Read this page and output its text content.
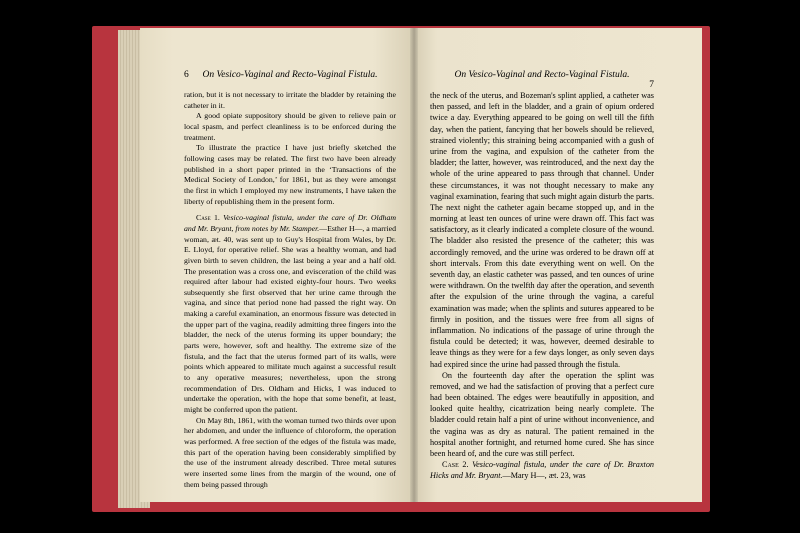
6	On Vesico-Vaginal and Recto-Vaginal Fistula.

ration, but it is not necessary to irritate the bladder by retaining the catheter in it.

A good opiate suppository should be given to relieve pain or local spasm, and perfect cleanliness is to be enforced during the treatment.

To illustrate the practice I have just briefly sketched the following cases may be related. The first two have been already published in a short paper printed in the ‘Transactions of the Medical Society of London,’ for 1861, but as they were amongst the first in which I employed my new instruments, I have taken the liberty of republishing them in the present form.

Case 1. Vesico-vaginal fistula, under the care of Dr. Oldham and Mr. Bryant, from notes by Mr. Stamper.—Esther H—, a married woman, æt. 40, was sent up to Guy's Hospital from Wales, by Dr. E. Lloyd, for operative relief. She was a healthy woman, and had given birth to seven children, the last being a year and a half old. The presentation was a cross one, and evisceration of the child was required after labour had existed eighty-four hours. Two weeks subsequently she first observed that her urine came through the vagina, and since that period none had passed the right way. On making a careful examination, an enormous fissure was detected in the upper part of the vagina, readily admitting three fingers into the bladder, the neck of the uterus forming its upper boundary; the parts were, however, soft and healthy. The extreme size of the fistula, and the fact that the uterus formed part of its walls, were points which appeared to militate much against a successful result to any operative measures; nevertheless, upon the strong recommendation of Drs. Oldham and Hicks, I was induced to undertake the operation, with the hope that some benefit, at least, might be conferred upon the patient.

On May 8th, 1861, with the woman turned two thirds over upon her abdomen, and under the influence of chloroform, the operation was performed. A free section of the edges of the fistula was made, this part of the operation having been considerably simplified by the use of the instrument already described. Three metal sutures were inserted some lines from the margin of the wound, one of them being passed through

On Vesico-Vaginal and Recto-Vaginal Fistula.
7

the neck of the uterus, and Bozeman's splint applied, a catheter was then passed, and left in the bladder, and a grain of opium ordered twice a day. Everything appeared to be going on well till the fifth day, when the patient, fancying that her bowels should be relieved, strained violently; this straining being accompanied with a gush of urine from the vagina, and expulsion of the catheter from the bladder; the latter, however, was reintroduced, and the next day the whole of the urine appeared to pass through that channel. Under these circumstances, it was not thought necessary to make any vaginal examination, fearing that such might again disturb the parts. The next night the catheter again became stopped up, and in the morning at least ten ounces of urine were drawn off. This fact was satisfactory, as it clearly indicated a complete closure of the wound. The bladder also resisted the presence of the catheter; this was accordingly removed, and the urine was ordered to be drawn off at short intervals. From this date everything went on well. On the seventh day, an elastic catheter was passed, and ten ounces of urine were withdrawn. On the twelfth day after the operation, and seventh after the expulsion of the urine through the vagina, a careful examination was made; when the splints and sutures appeared to be firmly in position, and the tissues were free from all signs of inflammation. No indications of the passage of urine through the fistula could be detected; it was, however, deemed desirable to leave things as they were for a few days longer, as only seven days had expired since the urine had passed through the fistula.

On the fourteenth day after the operation the splint was removed, and we had the satisfaction of proving that a perfect cure had been obtained. The edges were beautifully in apposition, and looked quite healthy, cicatrization being nearly complete. The bladder could retain half a pint of urine without inconvenience, and the vagina was as dry as natural. The patient remained in the hospital another fortnight, and returned home cured. She has since been heard of, and the cure was still perfect.

Case 2. Vesico-vaginal fistula, under the care of Dr. Braxton Hicks and Mr. Bryant.—Mary H—, æt. 23, was
